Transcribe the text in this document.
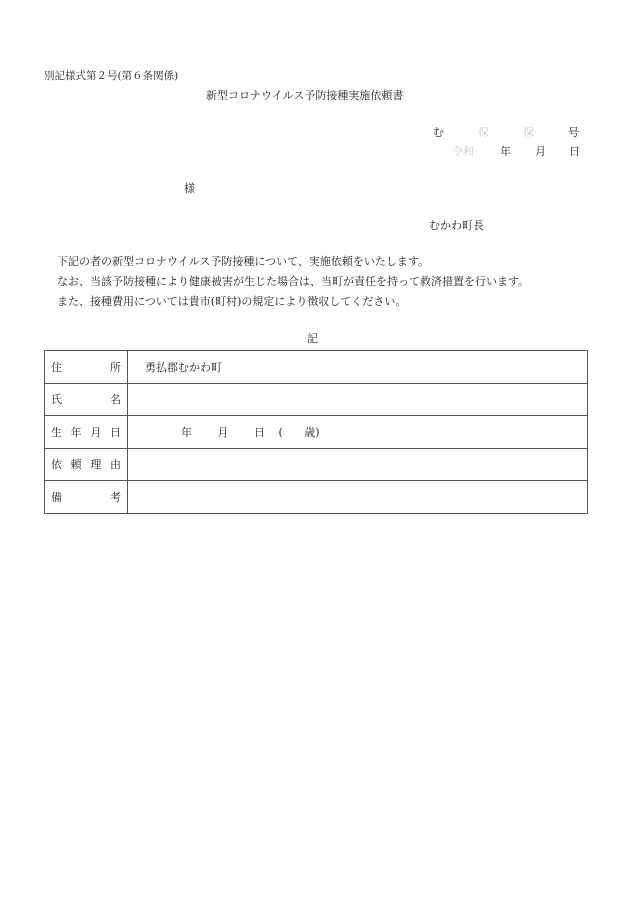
別記様式第２号(第６条関係)
新型コロナウイルス予防接種実施依頼書
む	保	保	号
令和 年 月 日
様
むかわ町長
下記の者の新型コロナウイルス予防接種について、実施依頼をいたします。
なお、当該予防接種により健康被害が生じた場合は、当町が責任を持って救済措置を行います。
また、接種費用については貴市(町村)の規定により徴収してください。
記
住 所	勇払郡むかわ町

氏 名	

生 年 月 日	年 月 日 ( 歳)

依 頼 理 由	

備 考	
